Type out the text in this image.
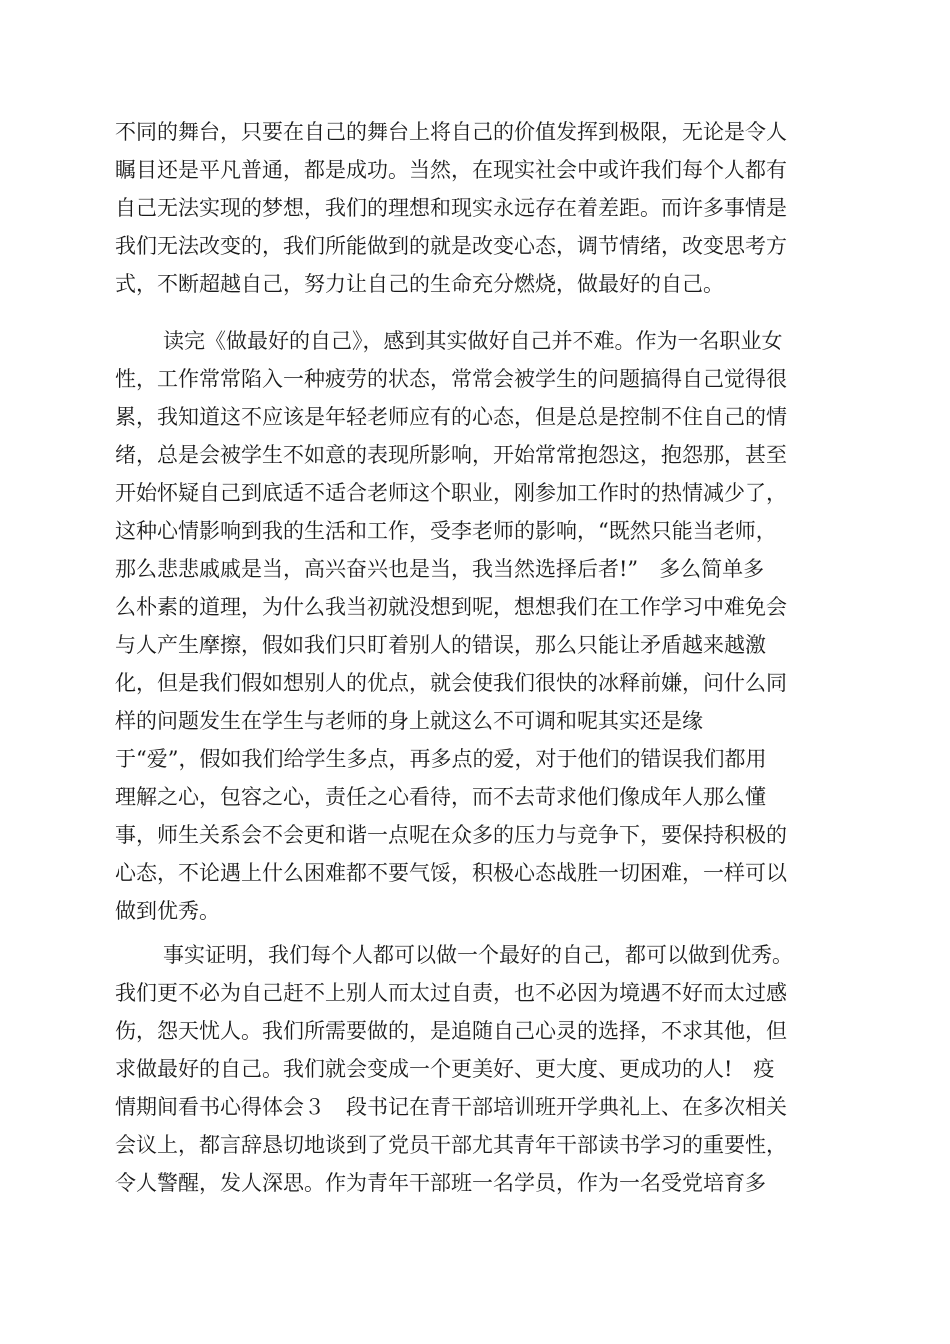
不同的舞台，只要在自己的舞台上将自己的价值发挥到极限，无论是令人
瞩目还是平凡普通，都是成功。当然，在现实社会中或许我们每个人都有
自己无法实现的梦想，我们的理想和现实永远存在着差距。而许多事情是
我们无法改变的，我们所能做到的就是改变心态，调节情绪，改变思考方
式，不断超越自己，努力让自己的生命充分燃烧，做最好的自己。
读完《做最好的自己》，感到其实做好自己并不难。作为一名职业女
性，工作常常陷入一种疲劳的状态，常常会被学生的问题搞得自己觉得很
累，我知道这不应该是年轻老师应有的心态，但是总是控制不住自己的情
绪，总是会被学生不如意的表现所影响，开始常常抱怨这，抱怨那，甚至
开始怀疑自己到底适不适合老师这个职业，刚参加工作时的热情减少了，
这种心情影响到我的生活和工作，受李老师的影响，“既然只能当老师，
那么悲悲戚戚是当，高兴奋兴也是当，我当然选择后者!”　多么简单多
么朴素的道理，为什么我当初就没想到呢，想想我们在工作学习中难免会
与人产生摩擦，假如我们只盯着别人的错误，那么只能让矛盾越来越激
化，但是我们假如想别人的优点，就会使我们很快的冰释前嫌，问什么同
样的问题发生在学生与老师的身上就这么不可调和呢其实还是缘
于“爱”，假如我们给学生多点，再多点的爱，对于他们的错误我们都用
理解之心，包容之心，责任之心看待，而不去苛求他们像成年人那么懂
事，师生关系会不会更和谐一点呢在众多的压力与竞争下，要保持积极的
心态，不论遇上什么困难都不要气馁，积极心态战胜一切困难，一样可以
做到优秀。
事实证明，我们每个人都可以做一个最好的自己，都可以做到优秀。
我们更不必为自己赶不上别人而太过自责，也不必因为境遇不好而太过感
伤，怨天忧人。我们所需要做的，是追随自己心灵的选择，不求其他，但
求做最好的自己。我们就会变成一个更美好、更大度、更成功的人!　疫
情期间看书心得体会３　段书记在青干部培训班开学典礼上、在多次相关
会议上，都言辞恳切地谈到了党员干部尤其青年干部读书学习的重要性，
令人警醒，发人深思。作为青年干部班一名学员，作为一名受党培育多
